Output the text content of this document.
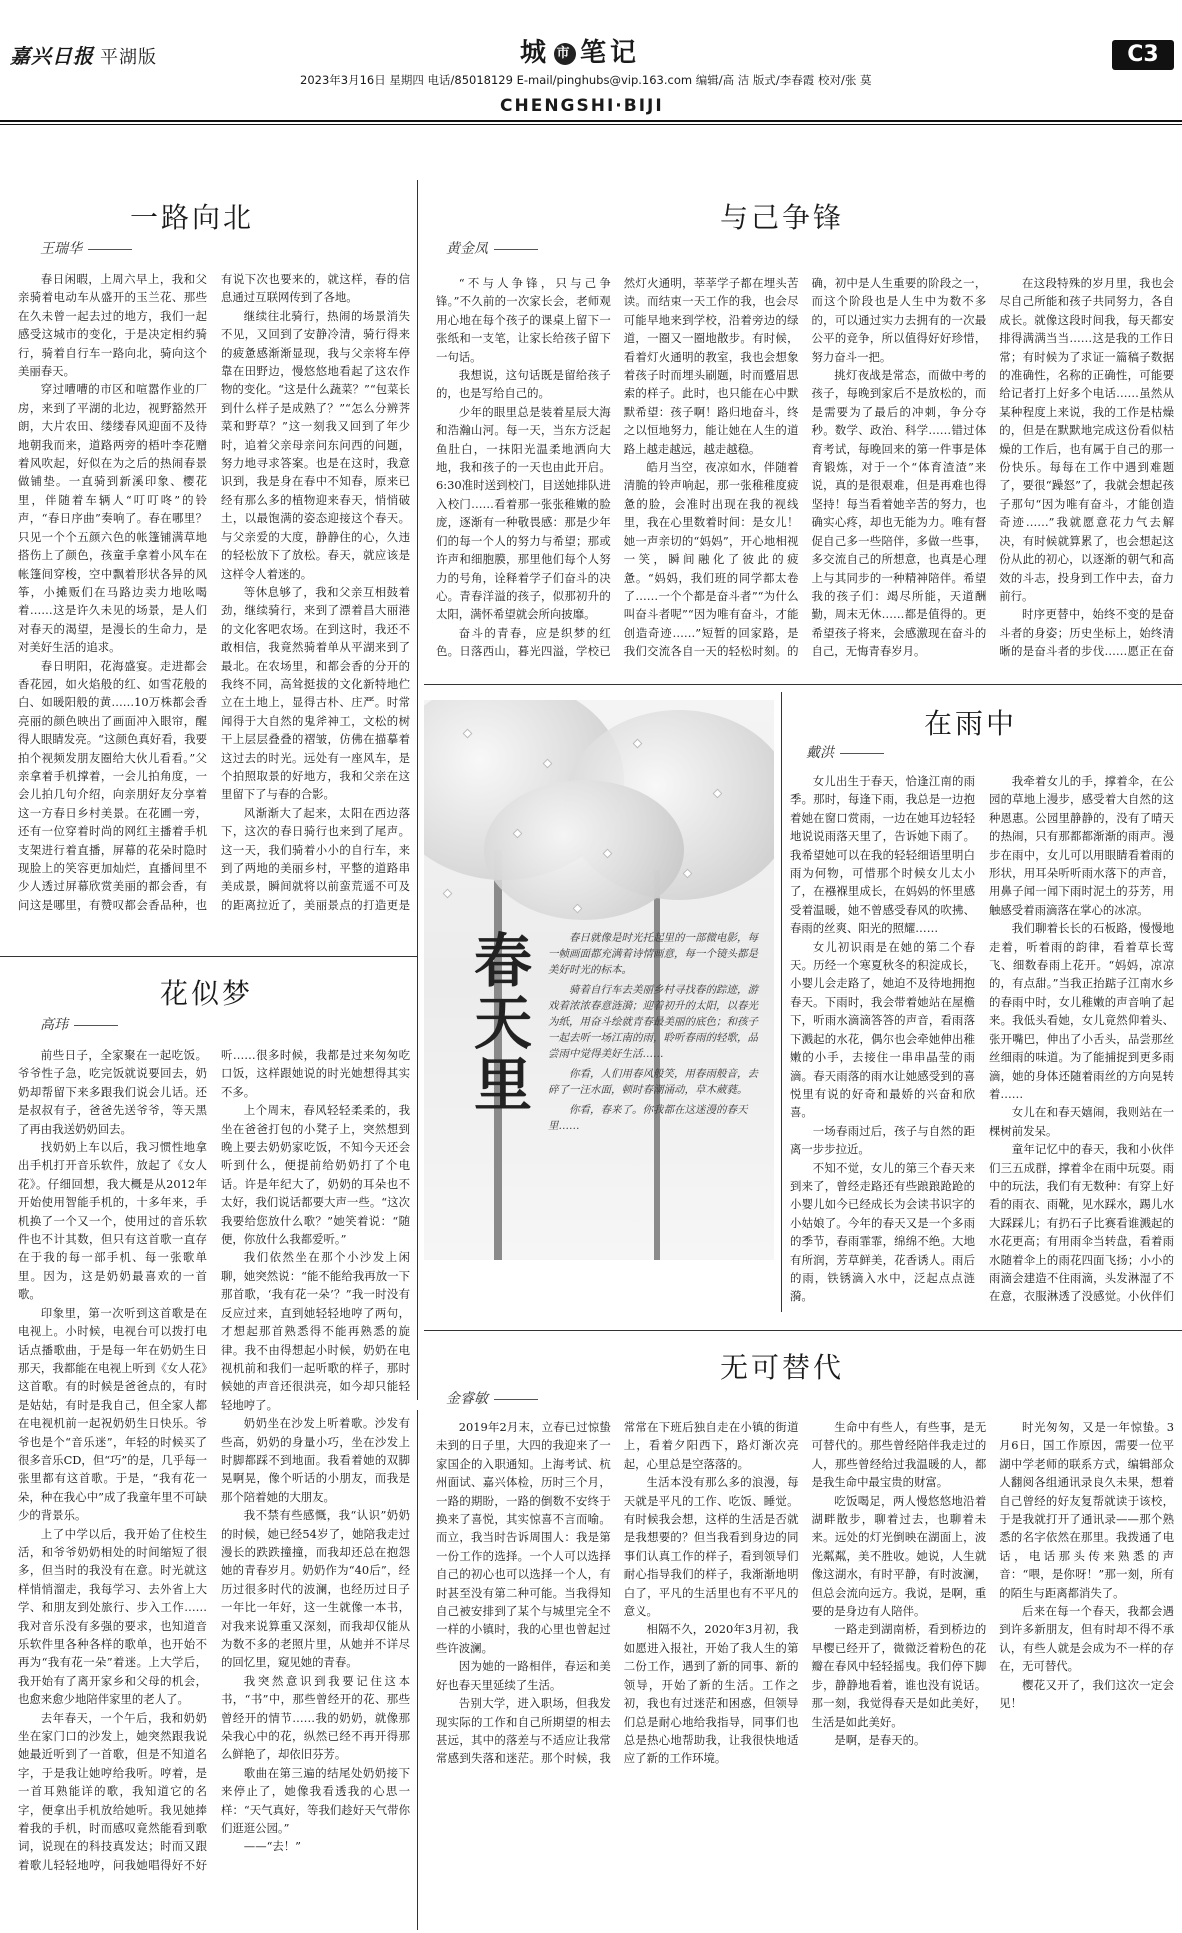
嘉兴日报 平湖版	城 市 笔记	C3
2023年3月16日 星期四 电话/85018129 E-mail/pinghubs@vip.163.com 编辑/高 洁 版式/李春霞 校对/张 莫
CHENGSHI·BIJI
一路向北
王瑞华

春日闲暇，上周六早上，我和父亲骑着电动车从盛开的玉兰花、那些在久未曾一起去过的地方，我们一起感受这城市的变化，于是决定相约骑行，骑着自行车一路向北，骑向这个美丽春天。

穿过嘈嘈的市区和喧嚣作业的厂房，来到了平湖的北边，视野豁然开朗，大片农田、缕缕春风迎面不及待地朝我而来，道路两旁的梧叶李花赠着风吹起，好似在为之后的热闹春景做铺垫。一直骑到新溪印象、樱花里，伴随着车辆人“叮叮咚”的铃声，“春日序曲”奏响了。春在哪里？只见一个个五颜六色的帐篷铺满草地搭伤上了颜色，孩童手拿着小风车在帐篷间穿梭，空中飘着形状各异的风筝，小摊贩们在马路边卖力地吆喝着……这是许久未见的场景，是人们对春天的渴望，是漫长的生命力，是对美好生活的追求。

春日明阳，花海盛宴。走进都会香花园，如火焰般的红、如雪花般的白、如暖阳般的黄……10万株都会香亮丽的颜色映出了画面冲入眼帘，醒得人眼睛发亮。“这颜色真好看，我要拍个视频发朋友圈给大伙儿看看。”父亲拿着手机撑着，一会儿拍角度，一会儿拍几句介绍，向亲朋好友分享着这一方春日乡村美景。在花圃一旁，还有一位穿着时尚的网红主播着手机支架进行着直播，屏幕的花朵时隐时现脸上的笑容更加灿烂，直播间里不少人透过屏幕欣赏美丽的都会香，有问这是哪里，有赞叹都会香品种，也有说下次也要来的，就这样，春的信息通过互联网传到了各地。

继续往北骑行，热闹的场景消失不见，又回到了安静冷清，骑行得来的疲惫感渐渐显现，我与父亲将车停靠在田野边，慢悠悠地看起了这农作物的变化。“这是什么蔬菜？”“包菜长到什么样子是成熟了？”“怎么分辨荠菜和野草？”这一刻我又回到了年少时，追着父亲母亲问东问西的问题，努力地寻求答案。也是在这时，我意识到，我是身在春中不知春，原来已经有那么多的植物迎来春天，悄悄破土，以最饱满的姿态迎接这个春天。与父亲爱的大度，静静住的心，久违的轻松放下了放松。春天，就应该是这样令人着迷的。

等休息够了，我和父亲互相鼓着劲，继续骑行，来到了漂着昌大丽港的文化客吧农场。在到这时，我还不敢相信，我竟然骑着单从平湖来到了最北。在农场里，和都会香的分开的我终不同，高耸挺拔的文化新特地伫立在土地上，显得古朴、庄严。时常闻得于大自然的鬼斧神工，文松的树干上层层叠叠的褶皱，仿佛在描摹着这过去的时光。远处有一座风车，是个拍照取景的好地方，我和父亲在这里留下了与春的合影。

风渐渐大了起来，太阳在西边落下，这次的春日骑行也来到了尾声。这一天，我们骑着小小的自行车，来到了两地的美丽乡村，平整的道路串美成景，瞬间就将以前蛮荒遥不可及的距离拉近了，美丽景点的打造更是

与己争锋
黄金凤

“不与人争锋，只与己争锋。”不久前的一次家长会，老师观用心地在每个孩子的课桌上留下一张纸和一支笔，让家长给孩子留下一句话。

我想说，这句话既是留给孩子的，也是写给自己的。

少年的眼里总是装着星辰大海和浩瀚山河。每一天，当东方泛起鱼肚白，一抹阳光温柔地洒向大地，我和孩子的一天也由此开启。6:30准时送到校门，目送她排队进入校门……看着那一张张稚嫩的脸庞，逐渐有一种敬畏感：那是少年们的每一个人的努力与希望；那或许声和细胞膜，那里他们每个人努力的号角，诠释着学子们奋斗的决心。青春洋溢的孩子，似那初升的太阳，满怀希望就会所向披靡。

奋斗的青春，应是织梦的红色。日落西山，暮光四溢，学校已然灯火通明，莘莘学子都在埋头苦读。而结束一天工作的我，也会尽可能早地来到学校，沿着旁边的绿道，一圈又一圈地散步。有时候，看着灯火通明的教室，我也会想象着孩子时而埋头刷题，时而蹙眉思索的样子。此时，也只能在心中默默希望：孩子啊！路归地奋斗，终之以恒地努力，能让她在人生的道路上越走越远，越走越稳。

皓月当空，夜凉如水，伴随着清脆的铃声响起，那一张稚稚度疲惫的脸，会准时出现在我的视线里，我在心里数着时间：是女儿！她一声亲切的“妈妈”，开心地相视一笑，瞬间融化了彼此的疲惫。“妈妈，我们班的同学都太卷了……一个个都是奋斗者”“为什么叫奋斗者呢”“因为唯有奋斗，才能创造奇迹……”短暂的回家路，是我们交流各自一天的轻松时刻。的确，初中是人生重要的阶段之一，而这个阶段也是人生中为数不多的，可以通过实力去拥有的一次最公平的竞争，所以值得好好珍惜，努力奋斗一把。

挑灯夜战是常态，而做中考的孩子，每晚到家后不是放松的，而是需要为了最后的冲刺，争分夺秒。数学、政治、科学……错过体育考试，每晚回来的第一件事是体育锻炼，对于一个“体育渣渣”来说，真的是很艰难，但是再难也得坚持！每当看着她辛苦的努力，也确实心疼，却也无能为力。唯有督促自己多一些陪伴，多做一些事，多交流自己的所想意，也真是心理上与其同步的一种精神陪伴。希望我的孩子们：竭尽所能，天道酬勤，周末无休……都是值得的。更希望孩子将来，会感激现在奋斗的自己，无悔青春岁月。

在这段特殊的岁月里，我也会尽自己所能和孩子共同努力，各自成长。就像这段时间我，每天都安排得满满当当……这是我的工作日常；有时候为了求证一篇稿子数据的准确性，名称的正确性，可能要给记者打上好多个电话……虽然从某种程度上来说，我的工作是枯燥的，但是在默默地完成这份看似枯燥的工作后，也有属于自己的那一份快乐。每每在工作中遇到难题了，要很“躁怒”了，我就会想起孩子那句“因为唯有奋斗，才能创造奇迹……”我就愿意花力气去解决，有时候就算累了，也会想起这份从此的初心，以逐渐的朝气和高效的斗志，投身到工作中去，奋力前行。

时序更替中，始终不变的是奋斗者的身姿；历史坐标上，始终清晰的是奋斗者的步伐……愿正在奋

春天里	春日就像是时光托起里的一部微电影，每一帧画面都充满着诗情画意，每一个镜头都是美好时光的标本。

骑着自行车去美丽乡村寻找春的踪迹，游戏着浓浓春意涟漪；迎着初升的太阳，以春光为纸，用奋斗绘就青春最美丽的底色；和孩子一起去听一场江南的雨，聆听春雨的轻歌，品尝雨中觉得美好生活……

你看，人们用春风般笑，用春雨般音，去碎了一汪水面，顿时春潮涌动，草木葳蕤。

你看，春来了。你我都在这迷漫的春天里……

在雨中
戴洪

女儿出生于春天，恰逢江南的雨季。那时，每逢下雨，我总是一边抱着她在窗口赏雨，一边在她耳边轻轻地说说雨落天里了，告诉她下雨了。我希望她可以在我的轻轻细语里明白雨为何物，可惜那个时候女儿太小了，在襁褓里成长，在妈妈的怀里感受着温暖，她不曾感受春风的吹拂、春雨的丝爽、阳光的照耀……

女儿初识雨是在她的第二个春天。历经一个寒夏秋冬的积淀成长，小婴儿会走路了，她迫不及待地拥抱春天。下雨时，我会带着她站在屋檐下，听雨水滴滴答答的声音，看雨落下溅起的水花，偶尔也会牵她伸出稚嫩的小手，去接住一串串晶莹的雨滴。春天雨落的雨水让她感受到的喜悦里有说的好奇和最娇的兴奋和欣喜。

一场春雨过后，孩子与自然的距离一步步拉近。

不知不觉，女儿的第三个春天来到来了，曾经走路还有些踉踉跄跄的小婴儿如今已经成长为会读书识字的小姑娘了。今年的春天又是一个多雨的季节，春雨霏霏，绵绵不绝。大地有所润，芳草鲜美，花香诱人。雨后的雨，铁锈滴入水中，泛起点点涟漪。

我牵着女儿的手，撑着伞，在公园的草地上漫步，感受着大自然的这种恩惠。公园里静静的，没有了晴天的热闹，只有那都都渐渐的雨声。漫步在雨中，女儿可以用眼睛看着雨的形状，用耳朵听听雨水落下的声音，用鼻子闻一闻下雨时泥土的芬芳，用触感受着雨滴落在掌心的冰凉。

我们聊着长长的石板路，慢慢地走着，听着雨的韵律，看着草长莺飞、细数春雨上花开。“妈妈，凉凉的，有点甜。”当我正抬踮子江南水乡的春雨中时，女儿稚嫩的声音响了起来。我低头看她，女儿竟然仰着头、张开嘴巴，伸出了小舌头，品尝那丝丝细雨的味道。为了能捕捉到更多雨滴，她的身体还随着雨丝的方向晃转着……

女儿在和春天嬉闹，我则站在一棵树前发呆。

童年记忆中的春天，我和小伙伴们三五成群，撑着伞在雨中玩耍。雨中的玩法，我们有无数种：有穿上好看的雨衣、雨靴，见水踩水，踢儿水大踩踩儿；有扔石子比赛看谁溅起的水花更高；有用雨伞当转盘，看着雨水随着伞上的雨花四面飞扬；小小的雨滴会建造不住雨滴，头发淋湿了不在意，衣服淋透了没感觉。小伙伴们

花似梦
高玮

前些日子，全家聚在一起吃饭。爷爷性子急，吃完饭就说要回去，奶奶却帮留下来多跟我们说会儿话。还是叔叔有子，爸爸先送爷爷，等天黑了再由我送奶奶回去。

找奶奶上车以后，我习惯性地拿出手机打开音乐软件，放起了《女人花》。仔细回想，我大概是从2012年开始使用智能手机的，十多年来，手机换了一个又一个，使用过的音乐软件也不计其数，但只有这首歌一直存在于我的每一部手机、每一张歌单里。因为，这是奶奶最喜欢的一首歌。

印象里，第一次听到这首歌是在电视上。小时候，电视台可以拨打电话点播歌曲，于是每一年在奶奶生日那天，我都能在电视上听到《女人花》这首歌。有的时候是爸爸点的，有时是姑姑，有时是我自己，但全家人都在电视机前一起祝奶奶生日快乐。爷爷也是个“音乐迷”，年轻的时候买了很多音乐CD，但“巧”的是，几乎每一张里都有这首歌。于是，“我有花一朵，种在我心中”成了我童年里不可缺少的背景乐。

上了中学以后，我开始了住校生活，和爷爷奶奶相处的时间缩短了很多，但当时的我没有在意。时光就这样悄悄溜走，我每学习、去外省上大学、和朋友到处旅行、步入工作……我对音乐没有多强的要求，也知道音乐软件里各种各样的歌单，也开始不再为“我有花一朵”着迷。上大学后，我开始有了离开家乡和父母的机会，也愈来愈少地陪伴家里的老人了。

去年春天，一个午后，我和奶奶坐在家门口的沙发上，她突然跟我说她最近听到了一首歌，但是不知道名字，于是我让她哼给我听。哼着，是一首耳熟能详的歌，我知道它的名字，便拿出手机放给她听。我见她捧着我的手机，时而感叹竟然能看到歌词，说现在的科技真发达；时而又跟着歌儿轻轻地哼，问我她唱得好不好听……很多时候，我都是过来匆匆吃口饭，这样跟她说的时光她想得其实不多。

上个周末，春风轻轻柔柔的，我坐在爸爸打包的小凳子上，突然想到晚上要去奶奶家吃饭，不知今天还会听到什么，便提前给奶奶打了个电话。许是年纪大了，奶奶的耳朵也不太好，我们说话都要大声一些。“这次我要给您放什么歌？”她笑着说：“随便，你放什么我都爱听。”

我们依然坐在那个小沙发上闲聊，她突然说：“能不能给我再放一下那首歌，‘我有花一朵’？”我一时没有反应过来，直到她轻轻地哼了两句，才想起那首熟悉得不能再熟悉的旋律。我不由得想起小时候，奶奶在电视机前和我们一起听歌的样子，那时候她的声音还很洪亮，如今却只能轻轻地哼了。

奶奶坐在沙发上听着歌。沙发有些高，奶奶的身量小巧，坐在沙发上时脚都踩不到地面。我看着她的双脚晃啊晃，像个听话的小朋友，而我是那个陪着她的大朋友。

我不禁有些感慨，我“认识”奶奶的时候，她已经54岁了，她陪我走过漫长的跌跌撞撞，而我却还总在抱怨她的青春岁月。奶奶作为“40后”，经历过很多时代的波澜，也经历过日子一年比一年好，这一生就像一本书，对我来说算重又深刻，而我却仅能从为数不多的老照片里，从她并不详尽的回忆里，窥见她的青春。

我突然意识到我要记住这本书，“书”中，那些曾经开的花、那些曾经开的情节……我的奶奶，就像那朵我心中的花，纵然已经不再开得那么鲜艳了，却依旧芬芳。

歌曲在第三遍的结尾处奶奶接下来停止了，她像我看透我的心思一样：“天气真好，等我们趁好天气带你们逛逛公园。”

——“去！”

无可替代
金睿敏

2019年2月末，立春已过惊蛰未到的日子里，大四的我迎来了一家国企的入职通知。上海考试、杭州面试、嘉兴体检，历时三个月，一路的期盼，一路的倒数不安终于换来了喜悦，其实惊喜不言而喻。而立，我当时告诉周围人：我是第一份工作的选择。一个人可以选择自己的初心也可以选择一个人，有时甚至没有第二种可能。当我得知自己被安排到了某个与城里完全不一样的小镇时，我的心里也曾起过些许波澜。

因为她的一路相伴，春运和美好也春天里延续了生活。

告别大学，进入职场，但我发现实际的工作和自己所期望的相去甚远，其中的落差与不适应让我常常感到失落和迷茫。那个时候，我常常在下班后独自走在小镇的街道上，看着夕阳西下，路灯渐次亮起，心里总是空落落的。

生活本没有那么多的浪漫，每天就是平凡的工作、吃饭、睡觉。有时候我会想，这样的生活是否就是我想要的？但当我看到身边的同事们认真工作的样子，看到领导们耐心指导我们的样子，我渐渐地明白了，平凡的生活里也有不平凡的意义。

相隔不久，2020年3月初，我如愿进入报社，开始了我人生的第二份工作，遇到了新的同事、新的领导，开始了新的生活。工作之初，我也有过迷茫和困惑，但领导们总是耐心地给我指导，同事们也总是热心地帮助我，让我很快地适应了新的工作环境。

生命中有些人，有些事，是无可替代的。那些曾经陪伴我走过的人，那些曾经给过我温暖的人，都是我生命中最宝贵的财富。

吃饭喝足，两人慢悠悠地沿着湖畔散步，聊着过去，也聊着未来。远处的灯光倒映在湖面上，波光粼粼，美不胜收。她说，人生就像这湖水，有时平静，有时波澜，但总会流向远方。我说，是啊，重要的是身边有人陪伴。

一路走到湖南桥，看到桥边的早樱已经开了，微微泛着粉色的花瓣在春风中轻轻摇曳。我们停下脚步，静静地看着，谁也没有说话。那一刻，我觉得春天是如此美好，生活是如此美好。

是啊，是春天的。

时光匆匆，又是一年惊蛰。3月6日，国工作原因，需要一位平湖中学老师的联系方式，编辑部众人翻阅各组通讯录良久未果，想着自己曾经的好友复帮就读于该校，于是我就打开了通讯录——那个熟悉的名字依然在那里。我拨通了电话，电话那头传来熟悉的声音：“喂，是你呀！”那一刻，所有的陌生与距离都消失了。

后来在每一个春天，我都会遇到许多新朋友，但有时却不得不承认，有些人就是会成为不一样的存在，无可替代。

樱花又开了，我们这次一定会见！
